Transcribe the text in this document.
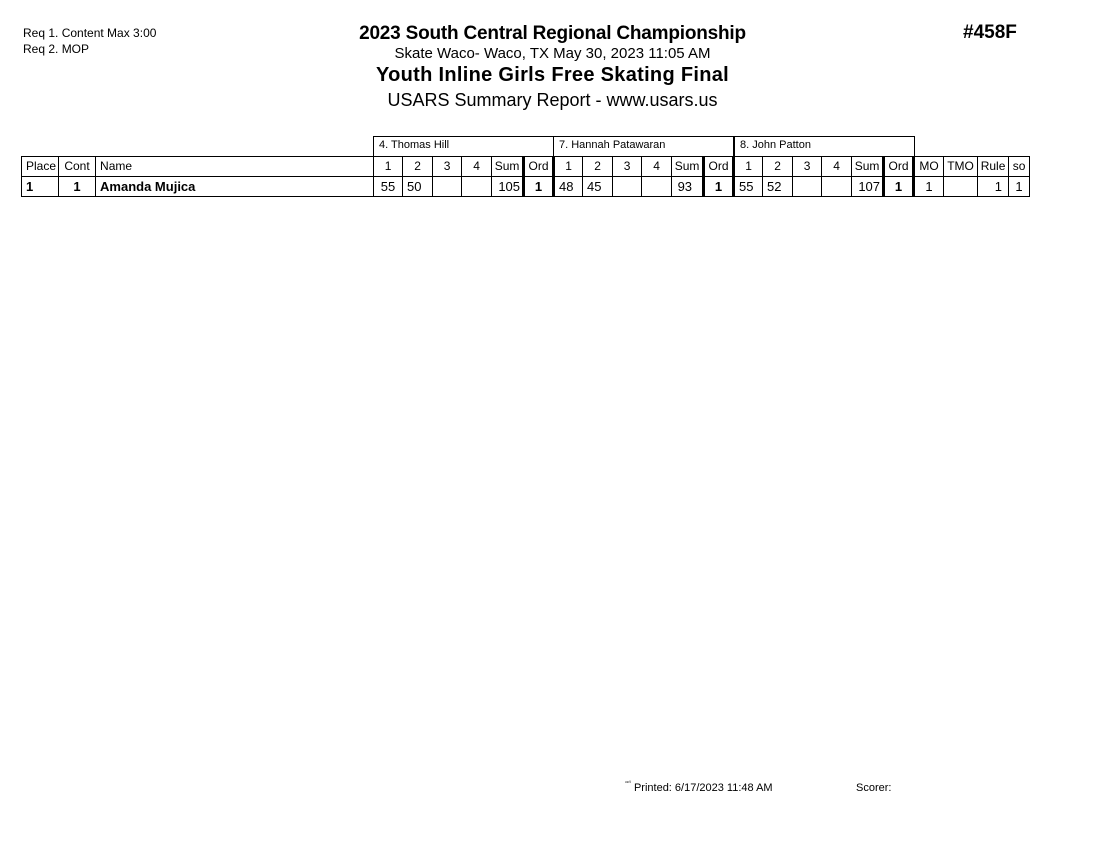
Req 1. Content Max 3:00
Req 2. MOP
#458F
2023 South Central Regional Championship
Skate Waco- Waco, TX May 30, 2023 11:05 AM
Youth Inline Girls Free Skating Final
USARS Summary Report - www.usars.us
4. Thomas Hill	7. Hannah Patawaran	8. John Patton
Place	Cont	Name	1	2	3	4	Sum	Ord	1	2	3	4	Sum	Ord	1	2	3	4	Sum	Ord	MO	TMO	Rule	so
1	1	Amanda Mujica	55	50			105	1	48	45			93	1	55	52			107	1	1		1	1
$^{ᶟᶟᶥᶣ}$ Printed: 6/17/2023 11:48 AM	Scorer:
